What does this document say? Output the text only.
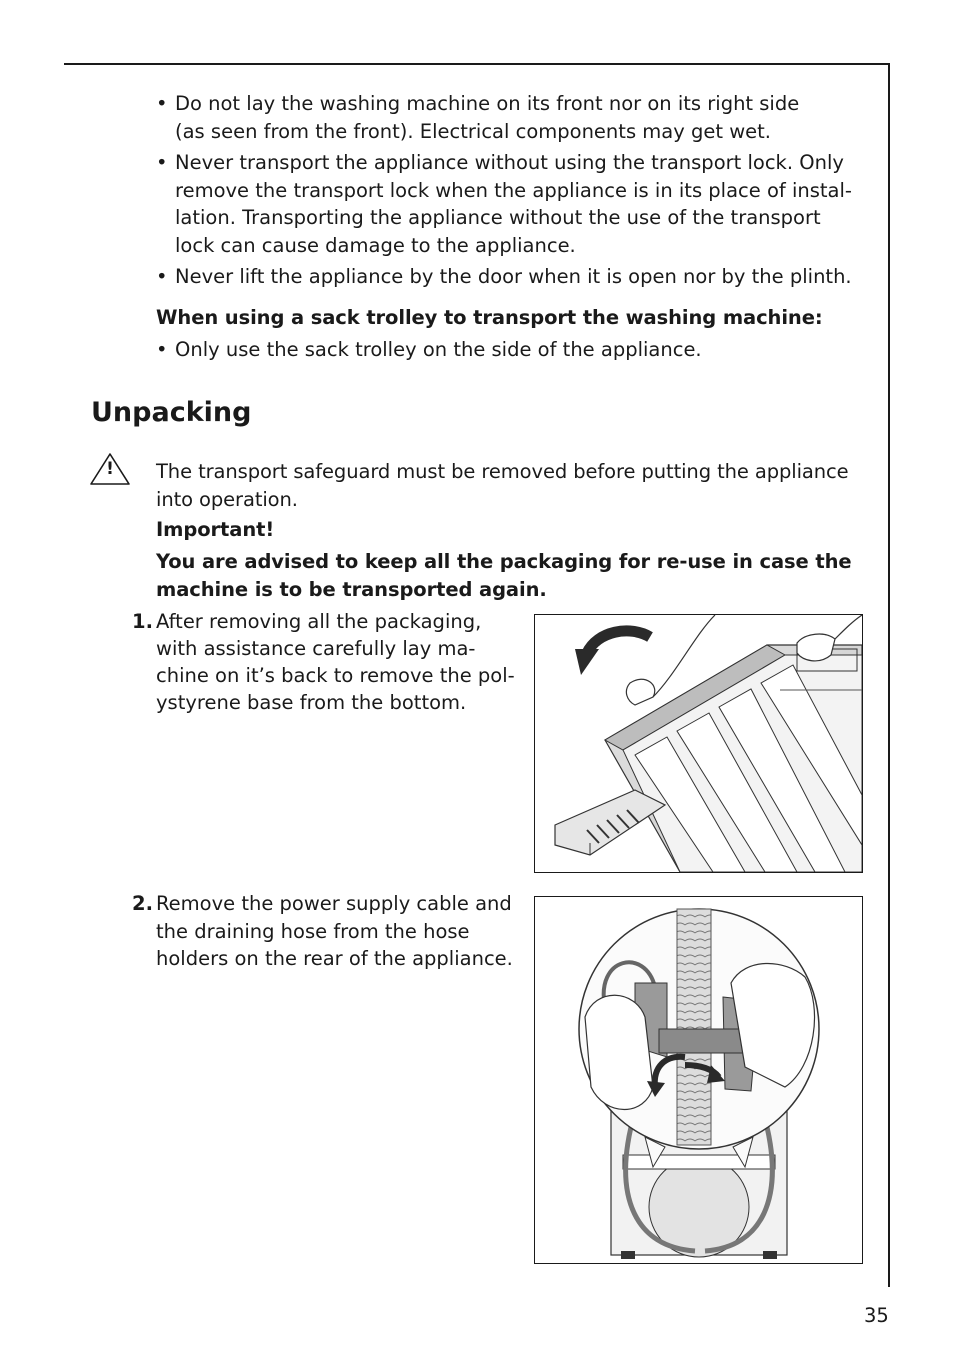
• Do not lay the washing machine on its front nor on its right side
(as seen from the front). Electrical components may get wet.
• Never transport the appliance without using the transport lock. Only
remove the transport lock when the appliance is in its place of instal-
lation. Transporting the appliance without the use of the transport
lock can cause damage to the appliance.
• Never lift the appliance by the door when it is open nor by the plinth.
When using a sack trolley to transport the washing machine:
• Only use the sack trolley on the side of the appliance.
Unpacking
!	The transport safeguard must be removed before putting the appliance
into operation.
Important!
You are advised to keep all the packaging for re-use in case the
machine is to be transported again.
1. After removing all the packaging,
with assistance carefully lay ma-
chine on it’s back to remove the pol-
ystyrene base from the bottom.
2. Remove the power supply cable and
the draining hose from the hose
holders on the rear of the appliance.
35
